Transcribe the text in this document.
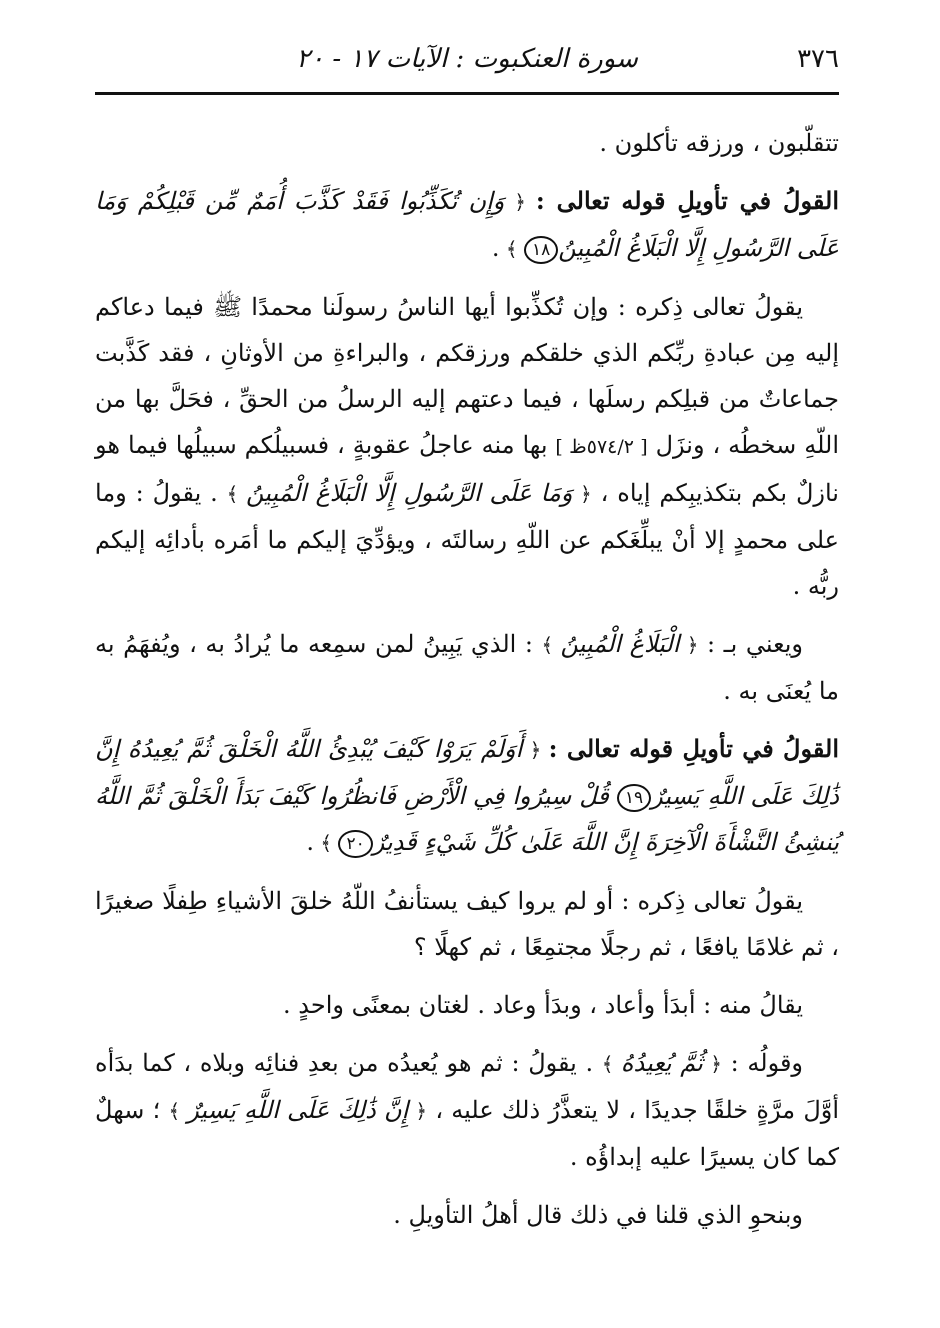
٣٧٦
سورة العنكبوت : الآيات ١٧ - ٢٠

تتقلّبون ، ورزقه تأكلون .

القولُ في تأويلِ قوله تعالى : ﴿ وَإِن تُكَذِّبُوا فَقَدْ كَذَّبَ أُمَمٌ مِّن قَبْلِكُمْ وَمَا عَلَى الرَّسُولِ إِلَّا الْبَلَاغُ الْمُبِينُ١٨ ﴾ .

يقولُ تعالى ذِكره : وإن تُكذِّبوا أيها الناسُ رسولَنا محمدًا ﷺ فيما دعاكم إليه مِن عبادةِ ربِّكم الذي خلقكم ورزقكم ، والبراءةِ من الأوثانِ ، فقد كَذَّبت جماعاتٌ من قبلِكم رسلَها ، فيما دعتهم إليه الرسلُ من الحقِّ ، فحَلَّ بها من اللّهِ سخطُه ، ونزَل [ ٥٧٤/٢ظ ] بها منه عاجلُ عقوبةٍ ، فسبيلُكم سبيلُها فيما هو نازلٌ بكم بتكذيبِكم إياه ، ﴿ وَمَا عَلَى الرَّسُولِ إِلَّا الْبَلَاغُ الْمُبِينُ ﴾ . يقولُ : وما على محمدٍ إلا أنْ يبلِّغَكم عن اللّهِ رسالتَه ، ويؤدِّيَ إليكم ما أمَره بأدائِه إليكم ربُّه .

ويعني بـ : ﴿ الْبَلَاغُ الْمُبِينُ ﴾ : الذي يَبِينُ لمن سمِعه ما يُرادُ به ، ويُفهَمُ به ما يُعنَى به .

القولُ في تأويلِ قوله تعالى : ﴿ أَوَلَمْ يَرَوْا كَيْفَ يُبْدِئُ اللَّهُ الْخَلْقَ ثُمَّ يُعِيدُهُ إِنَّ ذَٰلِكَ عَلَى اللَّهِ يَسِيرٌ١٩ قُلْ سِيرُوا فِي الْأَرْضِ فَانظُرُوا كَيْفَ بَدَأَ الْخَلْقَ ثُمَّ اللَّهُ يُنشِئُ النَّشْأَةَ الْآخِرَةَ إِنَّ اللَّهَ عَلَىٰ كُلِّ شَيْءٍ قَدِيرٌ٢٠ ﴾ .

يقولُ تعالى ذِكره : أو لم يروا كيف يستأنفُ اللّهُ خلقَ الأشياءِ طِفلًا صغيرًا ، ثم غلامًا يافعًا ، ثم رجلًا مجتمِعًا ، ثم كهلًا ؟

يقالُ منه : أبدَأ وأعاد ، وبدَأ وعاد . لغتان بمعنًى واحدٍ .

وقولُه : ﴿ ثُمَّ يُعِيدُهُ ﴾ . يقولُ : ثم هو يُعيدُه من بعدِ فنائِه وبلاه ، كما بدَأه أوَّلَ مرَّةٍ خلقًا جديدًا ، لا يتعذَّرُ ذلك عليه ، ﴿ إِنَّ ذَٰلِكَ عَلَى اللَّهِ يَسِيرٌ ﴾ ؛ سهلٌ كما كان يسيرًا عليه إبداؤُه .

وبنحوِ الذي قلنا في ذلك قال أهلُ التأويلِ .
